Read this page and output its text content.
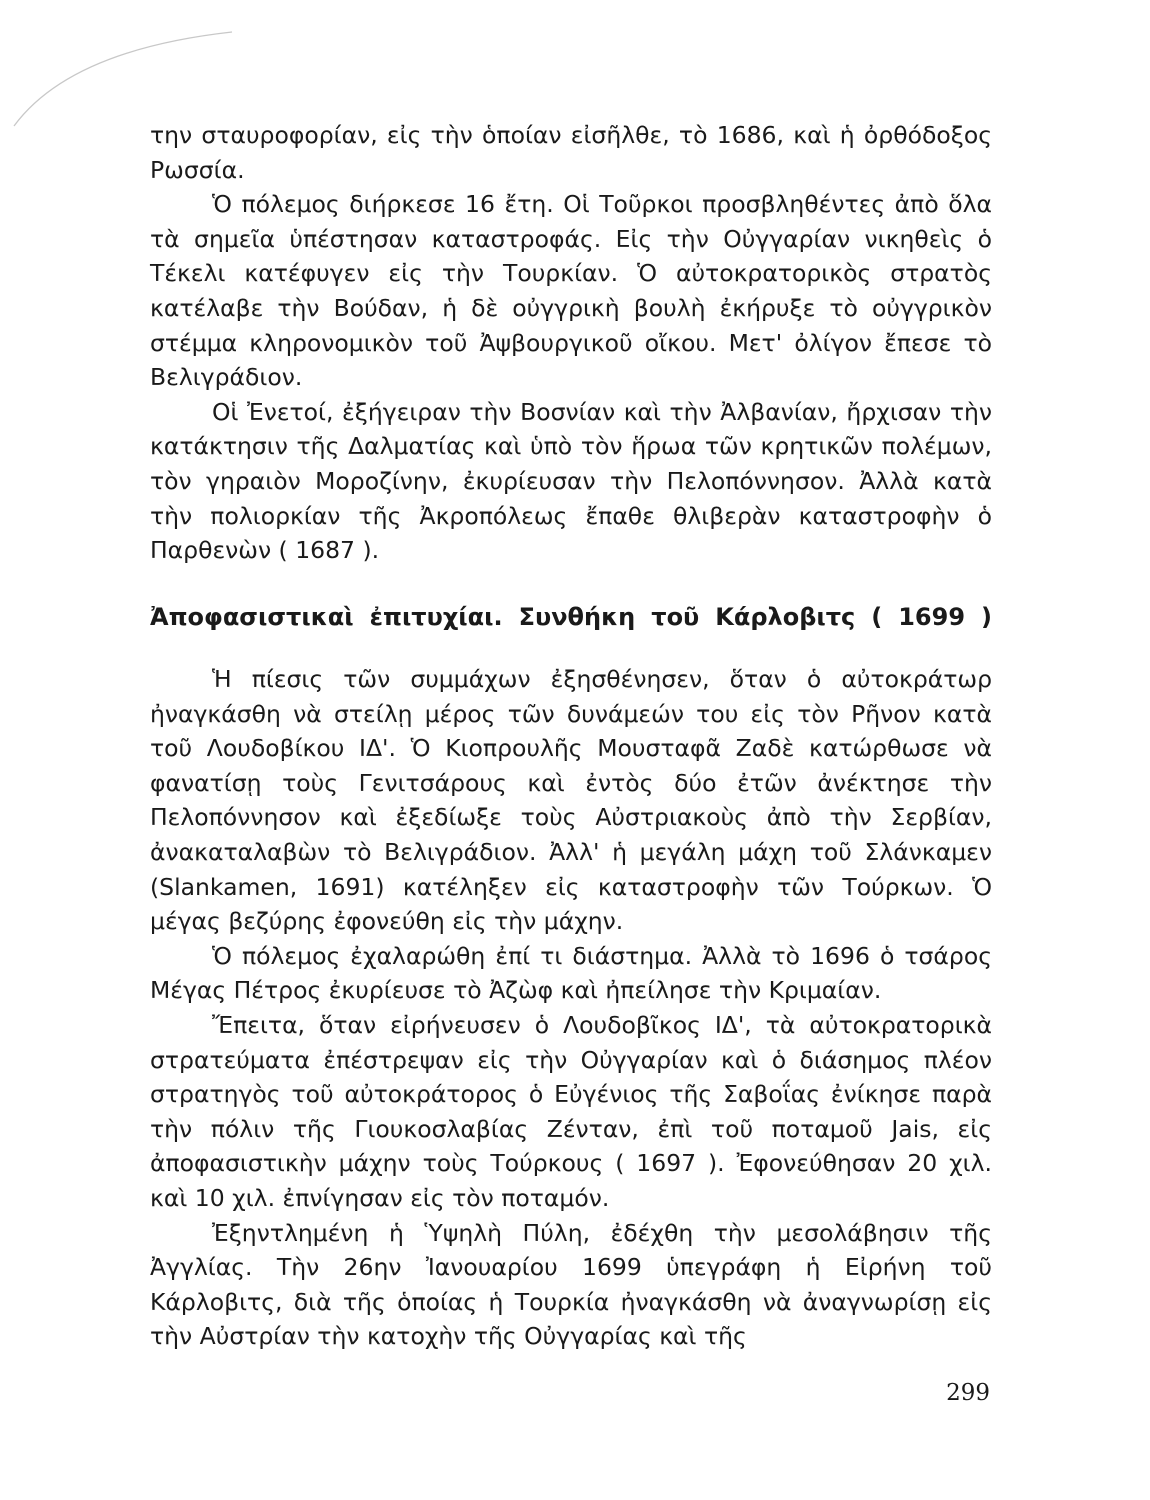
την σταυροφορίαν, εἰς τὴν ὁποίαν εἰσῆλθε, τὸ 1686, καὶ ἡ ὀρθόδοξος Ρωσσία.

Ὁ πόλεμος διήρκεσε 16 ἔτη. Οἱ Τοῦρκοι προσβληθέντες ἀπὸ ὅλα τὰ σημεῖα ὑπέστησαν καταστροφάς. Εἰς τὴν Οὐγγαρίαν νικηθεὶς ὁ Τέκελι κατέφυγεν εἰς τὴν Τουρκίαν. Ὁ αὐτοκρατορικὸς στρατὸς κατέλαβε τὴν Βούδαν, ἡ δὲ οὐγγρικὴ βουλὴ ἐκήρυξε τὸ οὐγγρικὸν στέμμα κληρονομικὸν τοῦ Ἀψβουργικοῦ οἴκου. Μετ' ὀλίγον ἔπεσε τὸ Βελιγράδιον.

Οἱ Ἐνετοί, ἐξήγειραν τὴν Βοσνίαν καὶ τὴν Ἀλβανίαν, ἤρχισαν τὴν κατάκτησιν τῆς Δαλματίας καὶ ὑπὸ τὸν ἥρωα τῶν κρητικῶν πολέμων, τὸν γηραιὸν Μοροζίνην, ἐκυρίευσαν τὴν Πελοπόννησον. Ἀλλὰ κατὰ τὴν πολιορκίαν τῆς Ἀκροπόλεως ἔπαθε θλιβερὰν καταστροφὴν ὁ Παρθενὼν ( 1687 ).

Ἀποφασιστικαὶ ἐπιτυχίαι. Συνθήκη τοῦ Κάρλοβιτς ( 1699 )

Ἡ πίεσις τῶν συμμάχων ἐξησθένησεν, ὅταν ὁ αὐτοκράτωρ ἠναγκάσθη νὰ στείλῃ μέρος τῶν δυνάμεών του εἰς τὸν Ρῆνον κατὰ τοῦ Λουδοβίκου ΙΔ'. Ὁ Κιοπρουλῆς Μουσταφᾶ Ζαδὲ κατώρθωσε νὰ φανατίσῃ τοὺς Γενιτσάρους καὶ ἐντὸς δύο ἐτῶν ἀνέκτησε τὴν Πελοπόννησον καὶ ἐξεδίωξε τοὺς Αὐστριακοὺς ἀπὸ τὴν Σερβίαν, ἀνακαταλαβὼν τὸ Βελιγράδιον. Ἀλλ' ἡ μεγάλη μάχη τοῦ Σλάνκαμεν (Slankamen, 1691) κατέληξεν εἰς καταστροφὴν τῶν Τούρκων. Ὁ μέγας βεζύρης ἐφονεύθη εἰς τὴν μάχην.

Ὁ πόλεμος ἐχαλαρώθη ἐπί τι διάστημα. Ἀλλὰ τὸ 1696 ὁ τσάρος Μέγας Πέτρος ἐκυρίευσε τὸ Ἀζὼφ καὶ ἠπείλησε τὴν Κριμαίαν.

Ἔπειτα, ὅταν εἰρήνευσεν ὁ Λουδοβῖκος ΙΔ', τὰ αὐτοκρατορικὰ στρατεύματα ἐπέστρεψαν εἰς τὴν Οὐγγαρίαν καὶ ὁ διάσημος πλέον στρατηγὸς τοῦ αὐτοκράτορος ὁ Εὐγένιος τῆς Σαβοΐας ἐνίκησε παρὰ τὴν πόλιν τῆς Γιουκοσλαβίας Ζένταν, ἐπὶ τοῦ ποταμοῦ Jais, εἰς ἀποφασιστικὴν μάχην τοὺς Τούρκους ( 1697 ). Ἐφονεύθησαν 20 χιλ. καὶ 10 χιλ. ἐπνίγησαν εἰς τὸν ποταμόν.

Ἐξηντλημένη ἡ Ὑψηλὴ Πύλη, ἐδέχθη τὴν μεσολάβησιν τῆς Ἀγγλίας. Τὴν 26ην Ἰανουαρίου 1699 ὑπεγράφη ἡ Εἰρήνη τοῦ Κάρλοβιτς, διὰ τῆς ὁποίας ἡ Τουρκία ἠναγκάσθη νὰ ἀναγνωρίσῃ εἰς τὴν Αὐστρίαν τὴν κατοχὴν τῆς Οὐγγαρίας καὶ τῆς

299
